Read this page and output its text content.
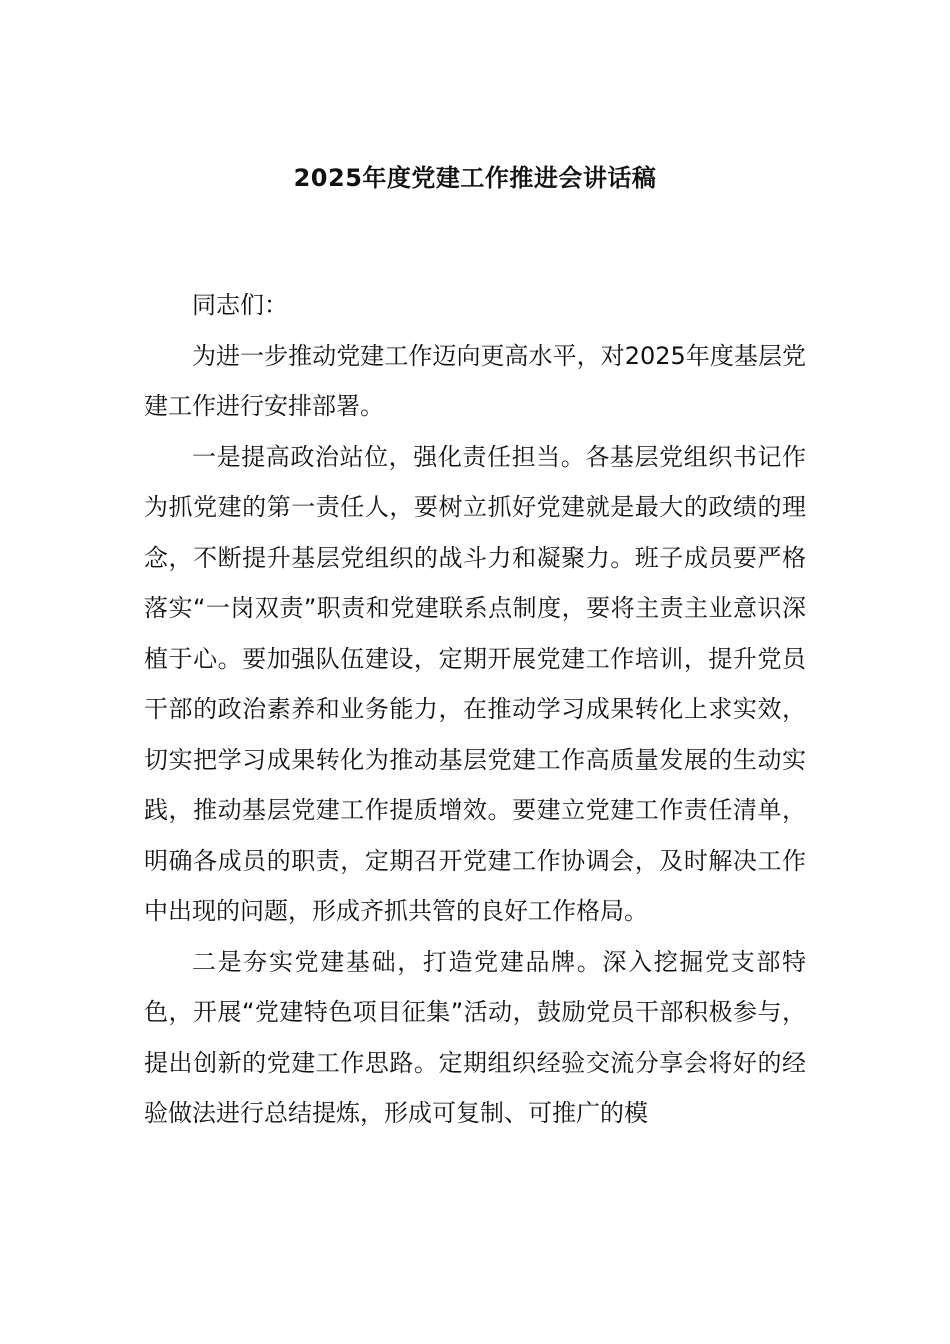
2025年度党建工作推进会讲话稿

同志们：

为进一步推动党建工作迈向更高水平，对2025年度基层党建工作进行安排部署。

一是提高政治站位，强化责任担当。各基层党组织书记作为抓党建的第一责任人，要树立抓好党建就是最大的政绩的理念，不断提升基层党组织的战斗力和凝聚力。班子成员要严格落实“一岗双责”职责和党建联系点制度，要将主责主业意识深植于心。要加强队伍建设，定期开展党建工作培训，提升党员干部的政治素养和业务能力，在推动学习成果转化上求实效，切实把学习成果转化为推动基层党建工作高质量发展的生动实践，推动基层党建工作提质增效。要建立党建工作责任清单，明确各成员的职责，定期召开党建工作协调会，及时解决工作中出现的问题，形成齐抓共管的良好工作格局。

二是夯实党建基础，打造党建品牌。深入挖掘党支部特色，开展“党建特色项目征集”活动，鼓励党员干部积极参与，提出创新的党建工作思路。定期组织经验交流分享会将好的经验做法进行总结提炼，形成可复制、可推广的模
